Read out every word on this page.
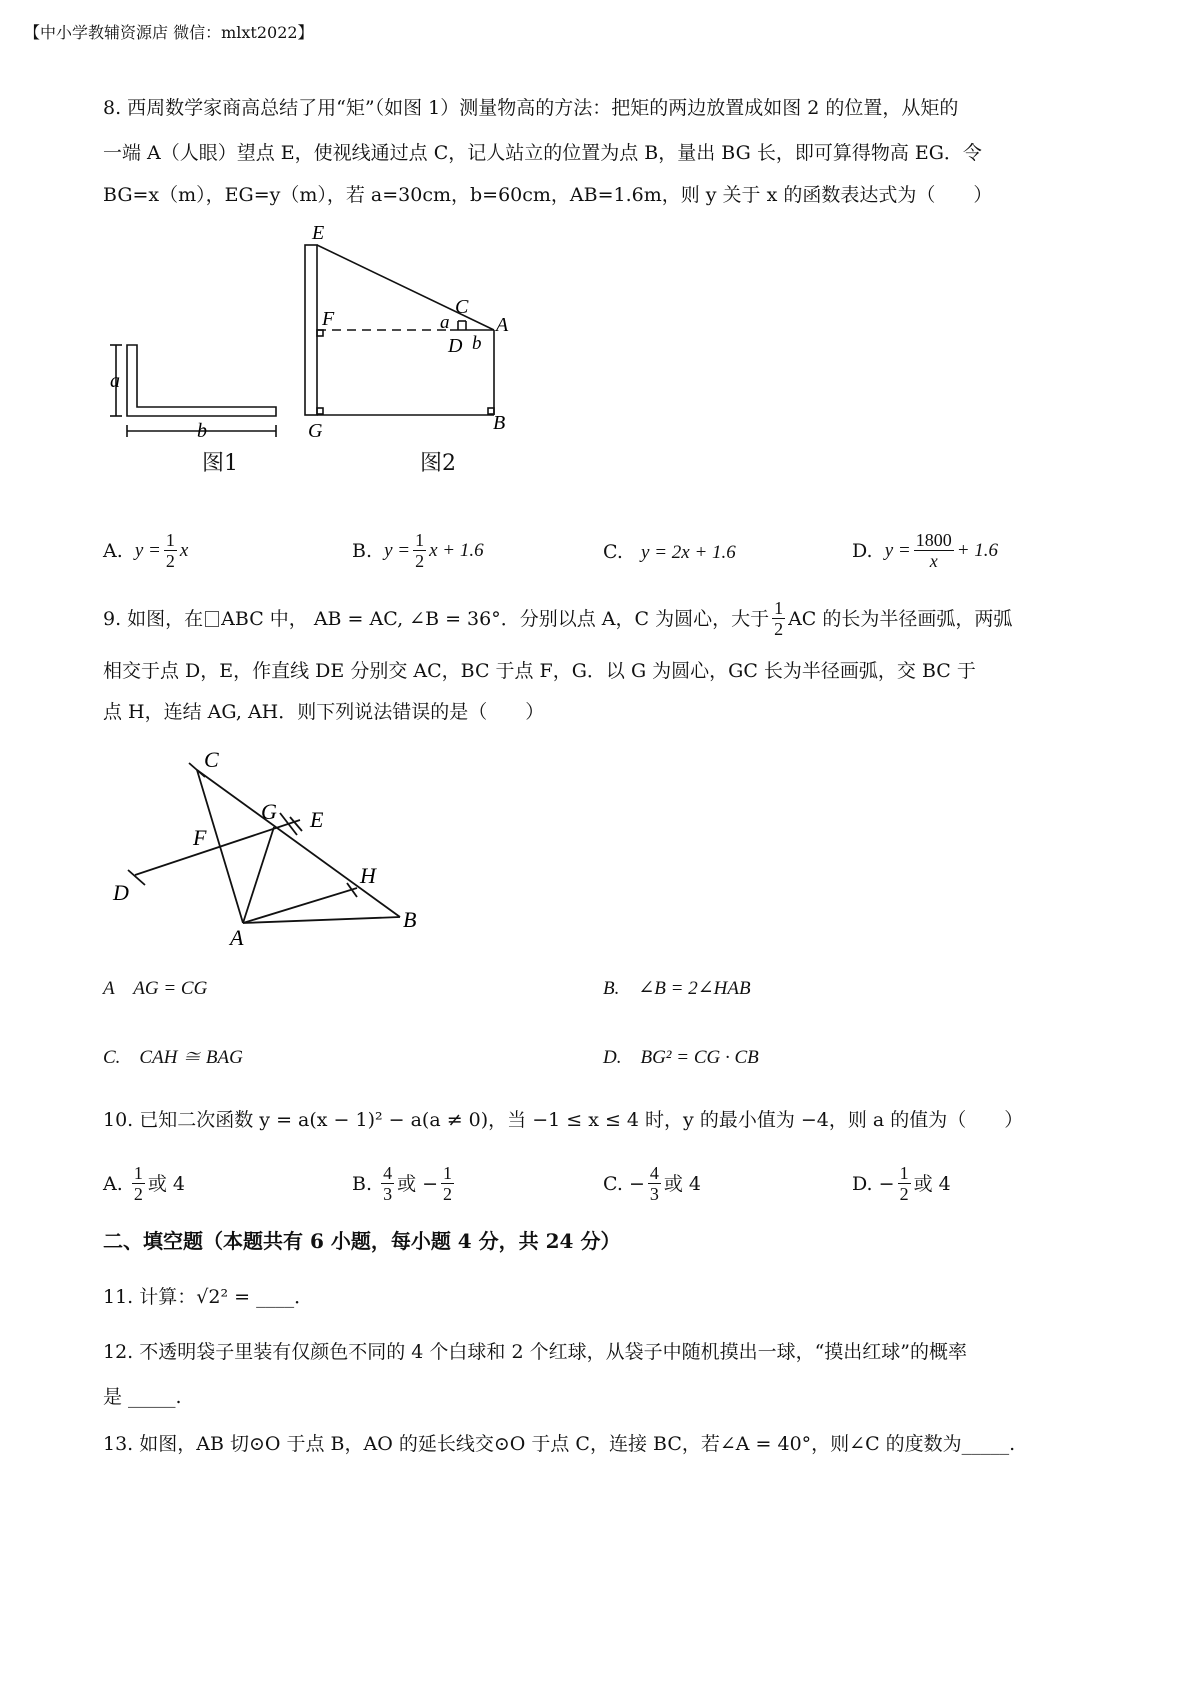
【中小学教辅资源店 微信：mlxt2022】
8. 西周数学家商高总结了用“矩”（如图 1）测量物高的方法：把矩的两边放置成如图 2 的位置，从矩的
一端 A（人眼）望点 E，使视线通过点 C，记人站立的位置为点 B，量出 BG 长，即可算得物高 EG．令
BG=x（m），EG=y（m），若 a=30cm，b=60cm，AB=1.6m，则 y 关于 x 的函数表达式为（　　）
a
b
E
F
C
a A
D b
G	B
图1	图2
A.
$y = \frac{1}{2}$ x	B.
$y = \frac{1}{2}$ x + 1.6	C. y = 2x + 1.6	D.
$y = \frac{1800}{x} + 1.6$
9. 如图，在 ABC 中， AB = AC, ∠B = 36°．分别以点 A，C 为圆心，大于 $\frac{1}{2}$ AC 的长为半径画弧，两弧
相交于点 D，E，作直线 DE 分别交 AC，BC 于点 F，G．以 G 为圆心，GC 长为半径画弧，交 BC 于
点 H，连结 AG, AH．则下列说法错误的是（　　）
C
G E
F
D
H
A
B
A　AG = CG	B.　∠B = 2∠HAB
C.　CAH ≅ BAG	D.　BG² = CG · CB
10. 已知二次函数 y = a(x − 1)² − a(a ≠ 0)，当 −1 ≤ x ≤ 4 时，y 的最小值为 −4，则 a 的值为（　　）
A.
$\frac{1}{2}$ 或 4	B.
$\frac{4}{3}$ 或 − $\frac{1}{2}$	C.
− $\frac{4}{3}$ 或 4	D.
− $\frac{1}{2}$ 或 4
二、填空题（本题共有 6 小题，每小题 4 分，共 24 分）
11. 计算：√2² = ____．
12. 不透明袋子里装有仅颜色不同的 4 个白球和 2 个红球，从袋子中随机摸出一球，“摸出红球”的概率
是 _____.
13. 如图，AB 切⊙O 于点 B，AO 的延长线交⊙O 于点 C，连接 BC，若∠A = 40°，则∠C 的度数为_____.
